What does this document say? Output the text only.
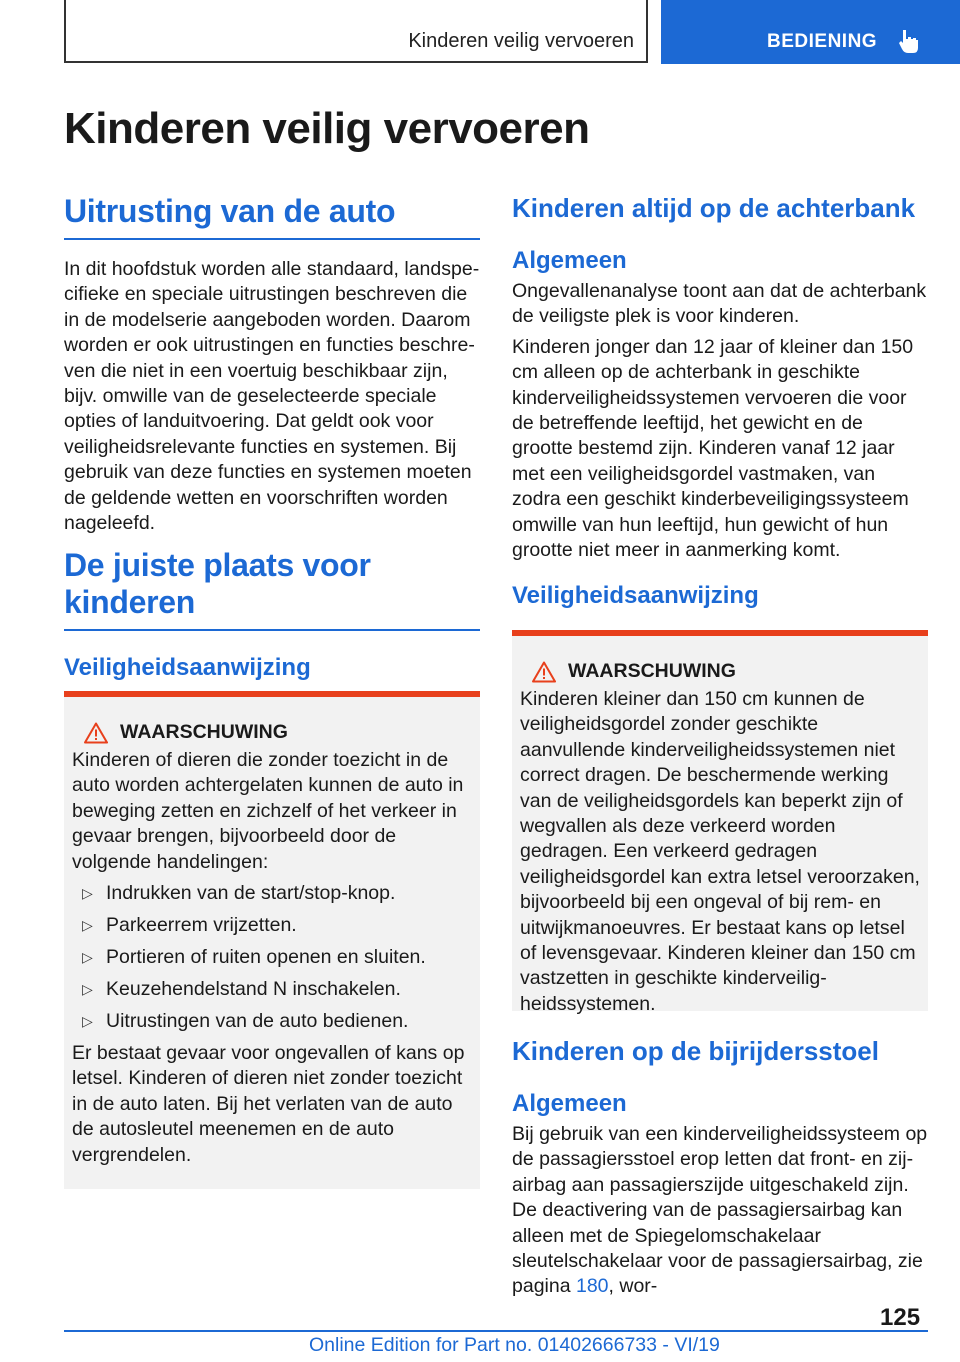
Kinderen veilig vervoeren	BEDIENING
Kinderen veilig vervoeren
Uitrusting van de auto

In dit hoofdstuk worden alle standaard, landspecifieke en speciale uitrustingen beschreven die in de modelserie aangeboden worden. Daarom worden er ook uitrustingen en functies beschreven die niet in een voertuig beschikbaar zijn, bijv. omwille van de geselecteerde speciale opties of landuitvoering. Dat geldt ook voor veiligheidsrelevante functies en systemen. Bij gebruik van deze functies en systemen moeten de geldende wetten en voorschriften worden nageleefd.

De juiste plaats voor
kinderen
Veiligheidsaanwijzing
WAARSCHUWING

Kinderen of dieren die zonder toezicht in de auto worden achtergelaten kunnen de auto in beweging zetten en zichzelf of het verkeer in gevaar brengen, bijvoorbeeld door de volgende handelingen:

▷ Indrukken van de start/stop-knop.
▷ Parkeerrem vrijzetten.
▷ Portieren of ruiten openen en sluiten.
▷ Keuzehendelstand N inschakelen.
▷ Uitrustingen van de auto bedienen.

Er bestaat gevaar voor ongevallen of kans op letsel. Kinderen of dieren niet zonder toezicht in de auto laten. Bij het verlaten van de auto de autosleutel meenemen en de auto vergrendelen.

Kinderen altijd op de achterbank
Algemeen

Ongevallenanalyse toont aan dat de achterbank de veiligste plek is voor kinderen.

Kinderen jonger dan 12 jaar of kleiner dan 150 cm alleen op de achterbank in geschikte kinderveiligheidssystemen vervoeren die voor de betreffende leeftijd, het gewicht en de grootte bestemd zijn. Kinderen vanaf 12 jaar met een veiligheidsgordel vastmaken, van zodra een geschikt kinderbeveiligingssysteem omwille van hun leeftijd, hun gewicht of hun grootte niet meer in aanmerking komt.

Veiligheidsaanwijzing
WAARSCHUWING

Kinderen kleiner dan 150 cm kunnen de veiligheidsgordel zonder geschikte aanvullende kinderveiligheidssystemen niet correct dragen. De beschermende werking van de veiligheidsgordels kan beperkt zijn of wegvallen als deze verkeerd worden gedragen. Een verkeerd gedragen veiligheidsgordel kan extra letsel veroorzaken, bijvoorbeeld bij een ongeval of bij rem- en uitwijkmanoeuvres. Er bestaat kans op letsel of levensgevaar. Kinderen kleiner dan 150 cm vastzetten in geschikte kinderveiligheidssystemen.

Kinderen op de bijrijdersstoel
Algemeen

Bij gebruik van een kinderveiligheidssysteem op de passagiersstoel erop letten dat front- en zijairbag aan passagierszijde uitgeschakeld zijn. De deactivering van de passagiersairbag kan alleen met de Spiegelomschakelaar sleutelschakelaar voor de passagiersairbag, zie pagina 180, wor-

125
Online Edition for Part no. 01402666733 - VI/19
